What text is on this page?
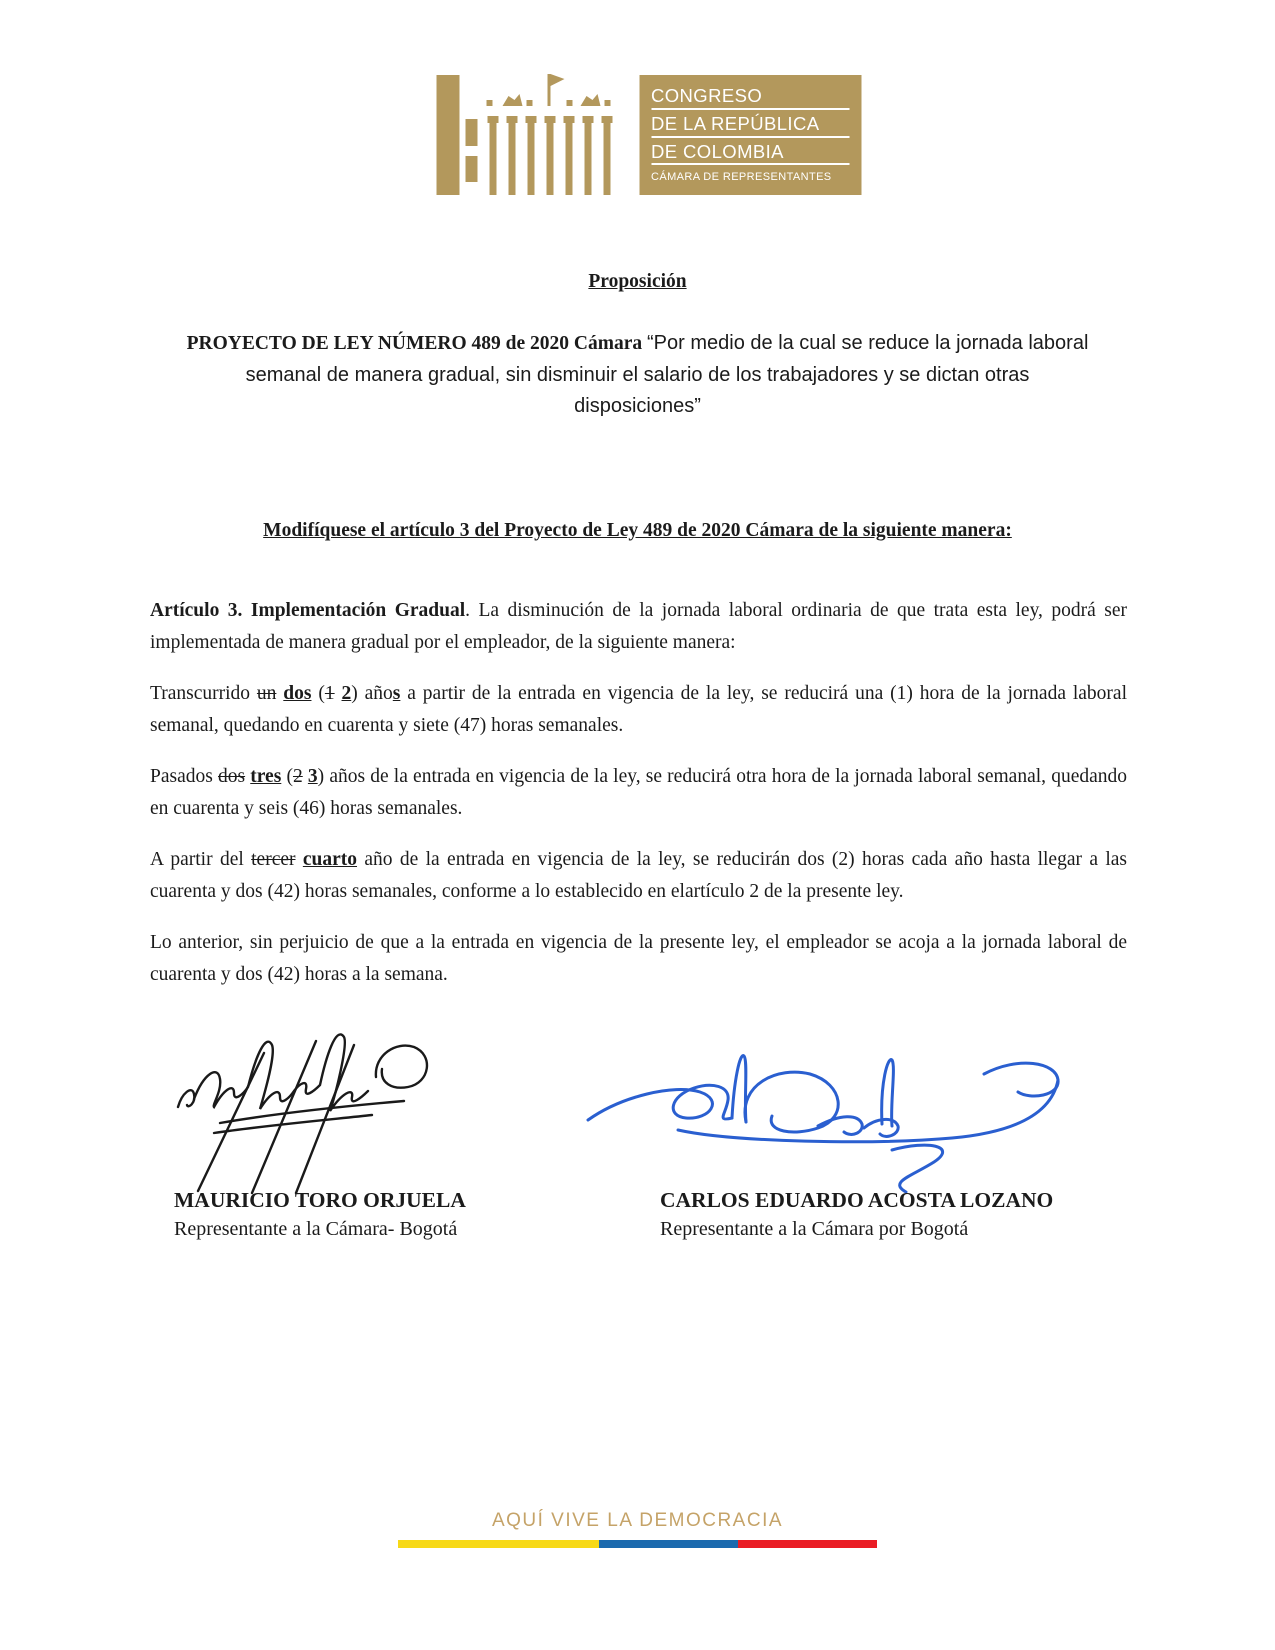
CONGRESO
DE LA REPÚBLICA
DE COLOMBIA
CÁMARA DE REPRESENTANTES
Proposición
PROYECTO DE LEY NÚMERO 489 de 2020 Cámara “Por medio de la cual se reduce la jornada laboral semanal de manera gradual, sin disminuir el salario de los trabajadores y se dictan otras disposiciones”
Modifíquese el artículo 3 del Proyecto de Ley 489 de 2020 Cámara de la siguiente manera:

Artículo 3. Implementación Gradual. La disminución de la jornada laboral ordinaria de que trata esta ley, podrá ser implementada de manera gradual por el empleador, de la siguiente manera:

Transcurrido un dos (1 2) años a partir de la entrada en vigencia de la ley, se reducirá una (1) hora de la jornada laboral semanal, quedando en cuarenta y siete (47) horas semanales.

Pasados dos tres (2 3) años de la entrada en vigencia de la ley, se reducirá otra hora de la jornada laboral semanal, quedando en cuarenta y seis (46) horas semanales.

A partir del tercer cuarto año de la entrada en vigencia de la ley, se reducirán dos (2) horas cada año hasta llegar a las cuarenta y dos (42) horas semanales, conforme a lo establecido en elartículo 2 de la presente ley.

Lo anterior, sin perjuicio de que a la entrada en vigencia de la presente ley, el empleador se acoja a la jornada laboral de cuarenta y dos (42) horas a la semana.

MAURICIO TORO ORJUELA
Representante a la Cámara- Bogotá
CARLOS EDUARDO ACOSTA LOZANO
Representante a la Cámara por Bogotá
AQUÍ VIVE LA DEMOCRACIA
